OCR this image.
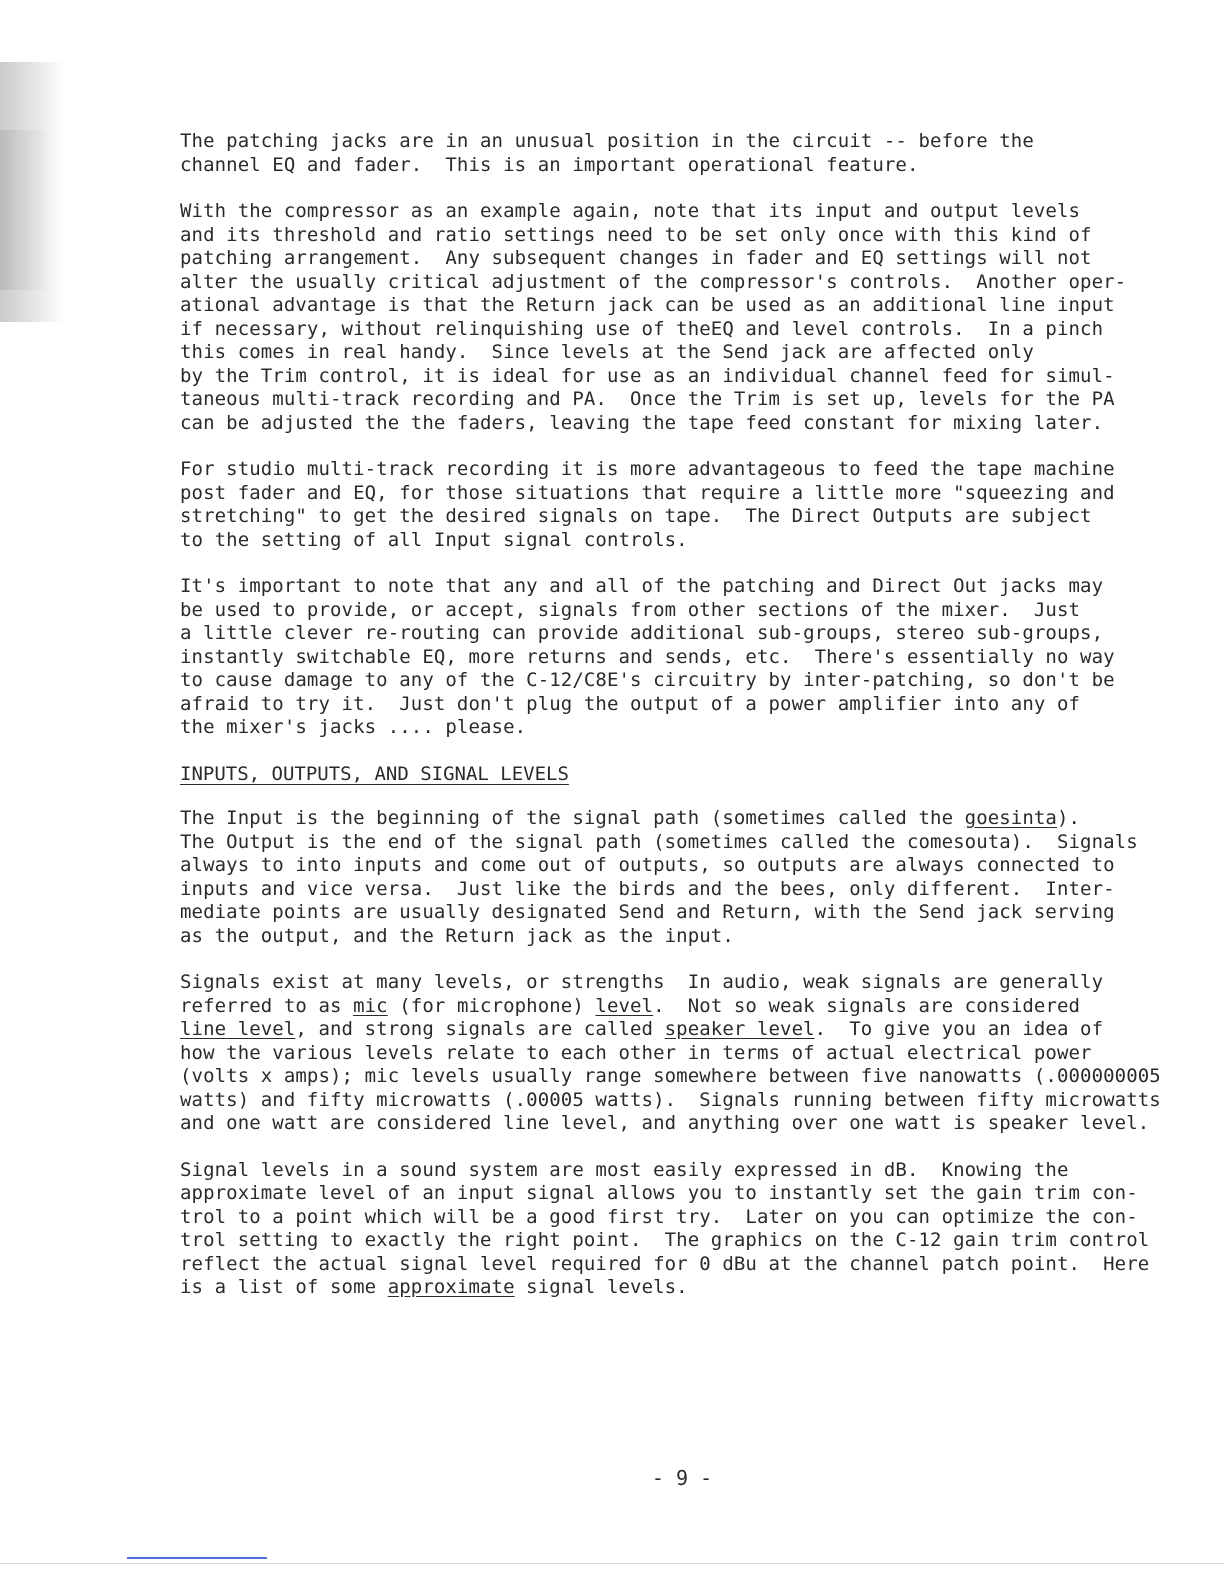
The patching jacks are in an unusual position in the circuit -- before the
channel EQ and fader.  This is an important operational feature.
With the compressor as an example again, note that its input and output levels
and its threshold and ratio settings need to be set only once with this kind of
patching arrangement.  Any subsequent changes in fader and EQ settings will not
alter the usually critical adjustment of the compressor's controls.  Another oper-
ational advantage is that the Return jack can be used as an additional line input
if necessary, without relinquishing use of theEQ and level controls.  In a pinch
this comes in real handy.  Since levels at the Send jack are affected only
by the Trim control, it is ideal for use as an individual channel feed for simul-
taneous multi-track recording and PA.  Once the Trim is set up, levels for the PA
can be adjusted the the faders, leaving the tape feed constant for mixing later.
For studio multi-track recording it is more advantageous to feed the tape machine
post fader and EQ, for those situations that require a little more "squeezing and
stretching" to get the desired signals on tape.  The Direct Outputs are subject
to the setting of all Input signal controls.
It's important to note that any and all of the patching and Direct Out jacks may
be used to provide, or accept, signals from other sections of the mixer.  Just
a little clever re-routing can provide additional sub-groups, stereo sub-groups,
instantly switchable EQ, more returns and sends, etc.  There's essentially no way
to cause damage to any of the C-12/C8E's circuitry by inter-patching, so don't be
afraid to try it.  Just don't plug the output of a power amplifier into any of
the mixer's jacks .... please.
INPUTS, OUTPUTS, AND SIGNAL LEVELS
The Input is the beginning of the signal path (sometimes called the goesinta).
The Output is the end of the signal path (sometimes called the comesouta).  Signals
always to into inputs and come out of outputs, so outputs are always connected to
inputs and vice versa.  Just like the birds and the bees, only different.  Inter-
mediate points are usually designated Send and Return, with the Send jack serving
as the output, and the Return jack as the input.
Signals exist at many levels, or strengths  In audio, weak signals are generally
referred to as mic (for microphone) level.  Not so weak signals are considered
line level, and strong signals are called speaker level.  To give you an idea of
how the various levels relate to each other in terms of actual electrical power
(volts x amps); mic levels usually range somewhere between five nanowatts (.000000005
watts) and fifty microwatts (.00005 watts).  Signals running between fifty microwatts
and one watt are considered line level, and anything over one watt is speaker level.
Signal levels in a sound system are most easily expressed in dB.  Knowing the
approximate level of an input signal allows you to instantly set the gain trim con-
trol to a point which will be a good first try.  Later on you can optimize the con-
trol setting to exactly the right point.  The graphics on the C-12 gain trim control
reflect the actual signal level required for 0 dBu at the channel patch point.  Here
is a list of some approximate signal levels.
- 9 -
